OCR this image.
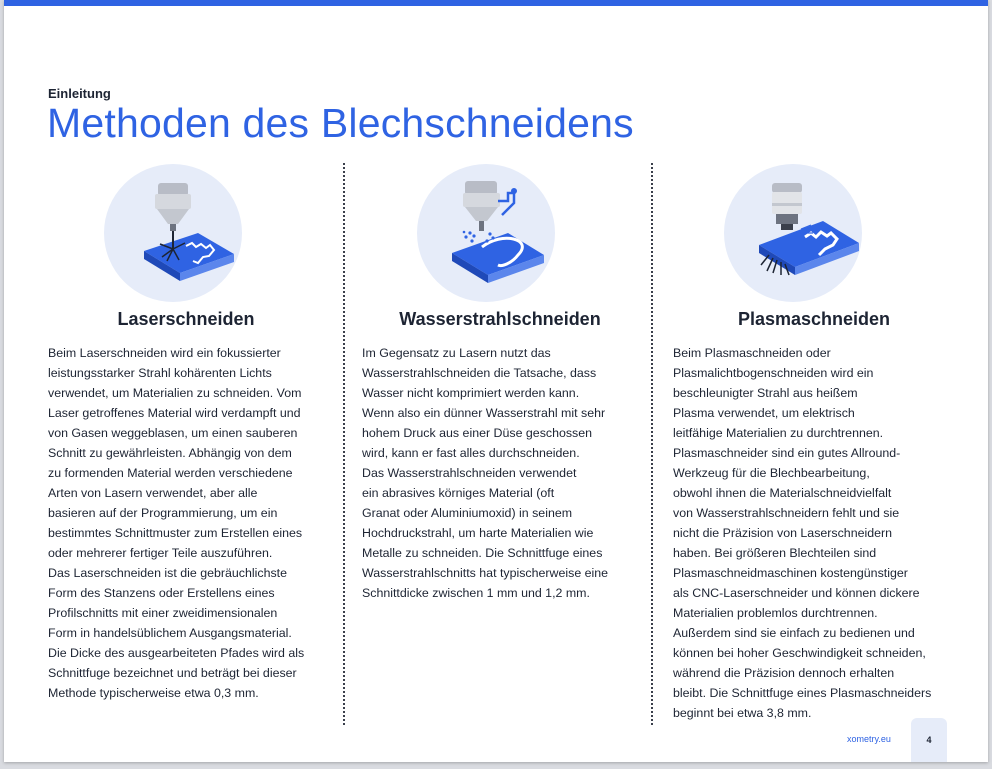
Einleitung
Methoden des Blechschneidens
Laserschneiden

Beim Laserschneiden wird ein fokussierter
leistungsstarker Strahl kohärenten Lichts
verwendet, um Materialien zu schneiden. Vom
Laser getroffenes Material wird verdampft und
von Gasen weggeblasen, um einen sauberen
Schnitt zu gewährleisten. Abhängig von dem
zu formenden Material werden verschiedene
Arten von Lasern verwendet, aber alle
basieren auf der Programmierung, um ein
bestimmtes Schnittmuster zum Erstellen eines
oder mehrerer fertiger Teile auszuführen.
Das Laserschneiden ist die gebräuchlichste
Form des Stanzens oder Erstellens eines
Profilschnitts mit einer zweidimensionalen
Form in handelsüblichem Ausgangsmaterial.
Die Dicke des ausgearbeiteten Pfades wird als
Schnittfuge bezeichnet und beträgt bei dieser
Methode typischerweise etwa 0,3 mm.

Wasserstrahlschneiden

Im Gegensatz zu Lasern nutzt das
Wasserstrahlschneiden die Tatsache, dass
Wasser nicht komprimiert werden kann.
Wenn also ein dünner Wasserstrahl mit sehr
hohem Druck aus einer Düse geschossen
wird, kann er fast alles durchschneiden.
Das Wasserstrahlschneiden verwendet
ein abrasives körniges Material (oft
Granat oder Aluminiumoxid) in seinem
Hochdruckstrahl, um harte Materialien wie
Metalle zu schneiden. Die Schnittfuge eines
Wasserstrahlschnitts hat typischerweise eine
Schnittdicke zwischen 1 mm und 1,2 mm.

Plasmaschneiden

Beim Plasmaschneiden oder
Plasmalichtbogenschneiden wird ein
beschleunigter Strahl aus heißem
Plasma verwendet, um elektrisch
leitfähige Materialien zu durchtrennen.
Plasmaschneider sind ein gutes Allround-
Werkzeug für die Blechbearbeitung,
obwohl ihnen die Materialschneidvielfalt
von Wasserstrahlschneidern fehlt und sie
nicht die Präzision von Laserschneidern
haben. Bei größeren Blechteilen sind
Plasmaschneidmaschinen kostengünstiger
als CNC-Laserschneider und können dickere
Materialien problemlos durchtrennen.
Außerdem sind sie einfach zu bedienen und
können bei hoher Geschwindigkeit schneiden,
während die Präzision dennoch erhalten
bleibt. Die Schnittfuge eines Plasmaschneiders
beginnt bei etwa 3,8 mm.

xometry.eu	4
